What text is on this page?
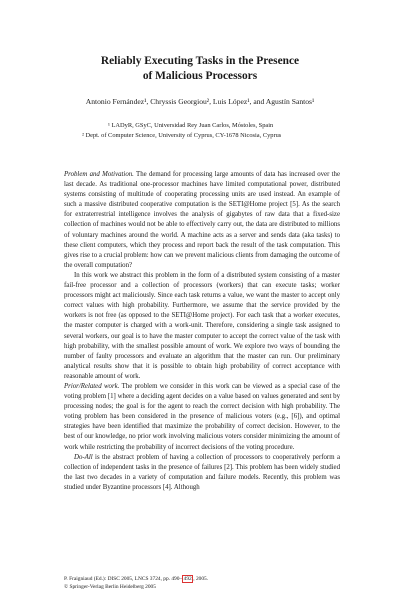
Reliably Executing Tasks in the Presence
of Malicious Processors
Antonio Fernández¹, Chryssis Georgiou², Luis López¹, and Agustín Santos¹
¹ LADyR, GSyC, Universidad Rey Juan Carlos, Móstoles, Spain
² Dept. of Computer Science, University of Cyprus, CY-1678 Nicosia, Cyprus

Problem and Motivation. The demand for processing large amounts of data has increased over the last decade. As traditional one-processor machines have limited computational power, distributed systems consisting of multitude of cooperating processing units are used instead. An example of such a massive distributed cooperative computation is the SETI@Home project [5]. As the search for extraterrestrial intelligence involves the analysis of gigabytes of raw data that a fixed-size collection of machines would not be able to effectively carry out, the data are distributed to millions of voluntary machines around the world. A machine acts as a server and sends data (aka tasks) to these client computers, which they process and report back the result of the task computation. This gives rise to a crucial problem: how can we prevent malicious clients from damaging the outcome of the overall computation?

In this work we abstract this problem in the form of a distributed system consisting of a master fail-free processor and a collection of processors (workers) that can execute tasks; worker processors might act maliciously. Since each task returns a value, we want the master to accept only correct values with high probability. Furthermore, we assume that the service provided by the workers is not free (as opposed to the SETI@Home project). For each task that a worker executes, the master computer is charged with a work-unit. Therefore, considering a single task assigned to several workers, our goal is to have the master computer to accept the correct value of the task with high probability, with the smallest possible amount of work. We explore two ways of bounding the number of faulty processors and evaluate an algorithm that the master can run. Our preliminary analytical results show that it is possible to obtain high probability of correct acceptance with reasonable amount of work.

Prior/Related work. The problem we consider in this work can be viewed as a special case of the voting problem [1] where a deciding agent decides on a value based on values generated and sent by processing nodes; the goal is for the agent to reach the correct decision with high probability. The voting problem has been considered in the presence of malicious voters (e.g., [6]), and optimal strategies have been identified that maximize the probability of correct decision. However, to the best of our knowledge, no prior work involving malicious voters consider minimizing the amount of work while restricting the probability of incorrect decisions of the voting procedure.

Do-All is the abstract problem of having a collection of processors to cooperatively perform a collection of independent tasks in the presence of failures [2]. This problem has been widely studied the last two decades in a variety of computation and failure models. Recently, this problem was studied under Byzantine processors [4]. Although

P. Fraigniaud (Ed.): DISC 2005, LNCS 3724, pp. 490– 492 , 2005.
© Springer-Verlag Berlin Heidelberg 2005
